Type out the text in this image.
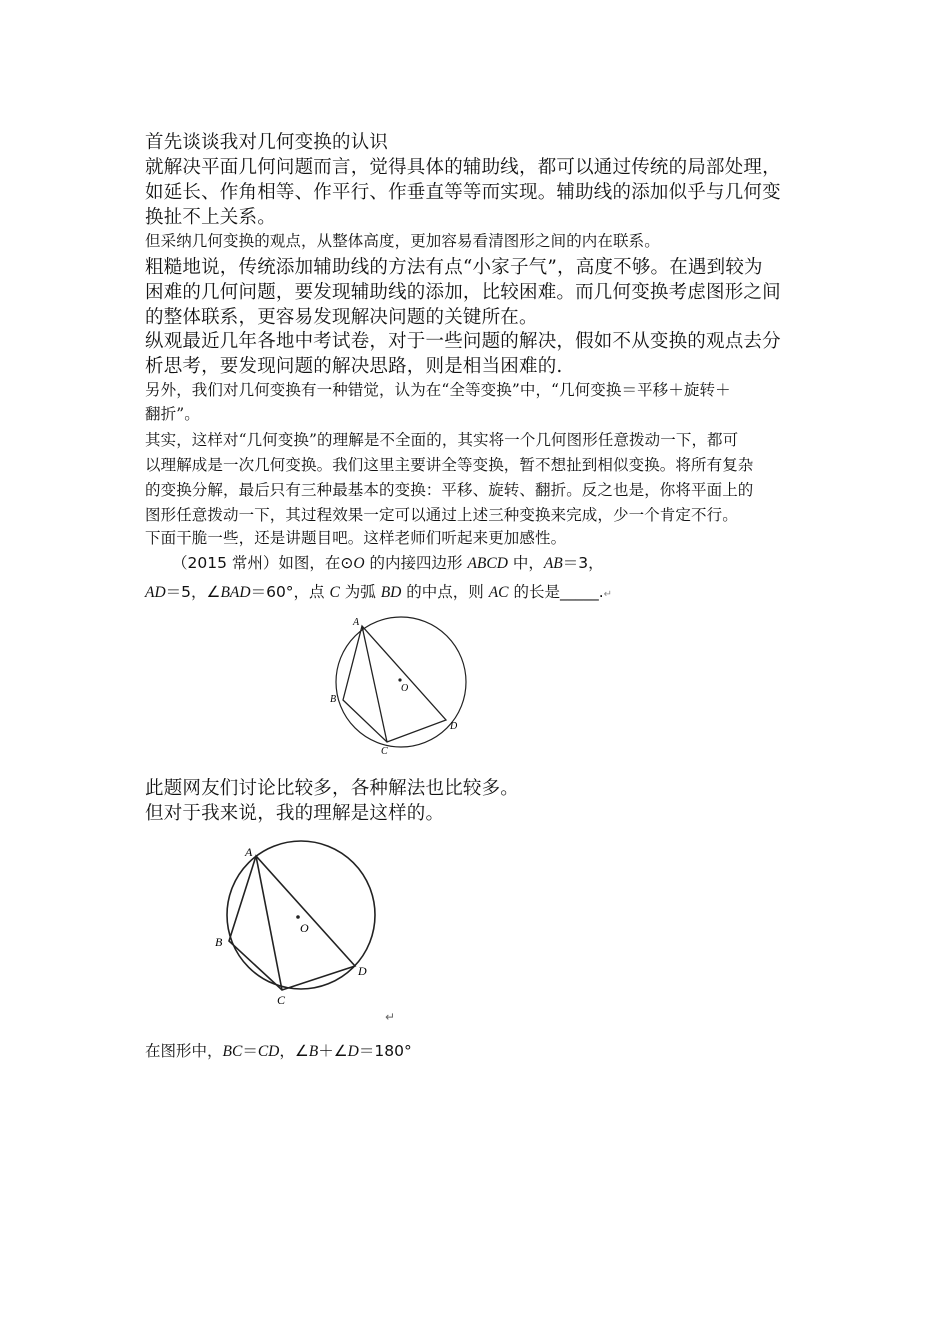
首先谈谈我对几何变换的认识
就解决平面几何问题而言，觉得具体的辅助线，都可以通过传统的局部处理，
如延长、作角相等、作平行、作垂直等等而实现。辅助线的添加似乎与几何变
换扯不上关系。
但采纳几何变换的观点，从整体高度，更加容易看清图形之间的内在联系。
粗糙地说，传统添加辅助线的方法有点“小家子气”，高度不够。在遇到较为
困难的几何问题，要发现辅助线的添加，比较困难。而几何变换考虑图形之间
的整体联系，更容易发现解决问题的关键所在。
纵观最近几年各地中考试卷，对于一些问题的解决，假如不从变换的观点去分
析思考，要发现问题的解决思路，则是相当困难的.
另外，我们对几何变换有一种错觉，认为在“全等变换”中，“几何变换＝平移＋旋转＋
翻折”。
其实，这样对“几何变换”的理解是不全面的，其实将一个几何图形任意拨动一下，都可
以理解成是一次几何变换。我们这里主要讲全等变换，暂不想扯到相似变换。将所有复杂
的变换分解，最后只有三种最基本的变换：平移、旋转、翻折。反之也是，你将平面上的
图形任意拨动一下，其过程效果一定可以通过上述三种变换来完成，少一个肯定不行。
下面干脆一些，还是讲题目吧。这样老师们听起来更加感性。
（2015 常州）如图，在⊙O 的内接四边形 ABCD 中，AB＝3，
AD＝5，∠BAD＝60°，点 C 为弧 BD 的中点，则 AC 的长是_____.↵
A
B
C
D
O
此题网友们讨论比较多，各种解法也比较多。
但对于我来说，我的理解是这样的。
A
B
C
D
O
↵
在图形中，BC＝CD，∠B＋∠D＝180°
